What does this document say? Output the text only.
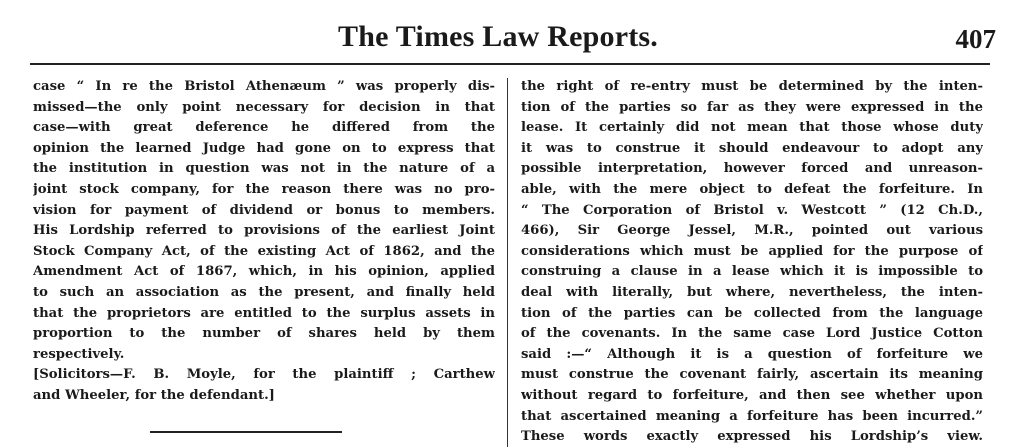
The Times Law Reports.	407
case “ In re the Bristol Athenæum ” was properly dis-
missed—the only point necessary for decision in that
case—with great deference he differed from the
opinion the learned Judge had gone on to express that
the institution in question was not in the nature of a
joint stock company, for the reason there was no pro-
vision for payment of dividend or bonus to members.
His Lordship referred to provisions of the earliest Joint
Stock Company Act, of the existing Act of 1862, and the
Amendment Act of 1867, which, in his opinion, applied
to such an association as the present, and finally held
that the proprietors are entitled to the surplus assets in
proportion to the number of shares held by them
respectively.
[Solicitors—F. B. Moyle, for the plaintiff ; Carthew
and Wheeler, for the defendant.]
the right of re-entry must be determined by the inten-
tion of the parties so far as they were expressed in the
lease. It certainly did not mean that those whose duty
it was to construe it should endeavour to adopt any
possible interpretation, however forced and unreason-
able, with the mere object to defeat the forfeiture. In
“ The Corporation of Bristol v. Westcott ” (12 Ch.D.,
466), Sir George Jessel, M.R., pointed out various
considerations which must be applied for the purpose of
construing a clause in a lease which it is impossible to
deal with literally, but where, nevertheless, the inten-
tion of the parties can be collected from the language
of the covenants. In the same case Lord Justice Cotton
said :—“ Although it is a question of forfeiture we
must construe the covenant fairly, ascertain its meaning
without regard to forfeiture, and then see whether upon
that ascertained meaning a forfeiture has been incurred.”
These words exactly expressed his Lordship’s view.
